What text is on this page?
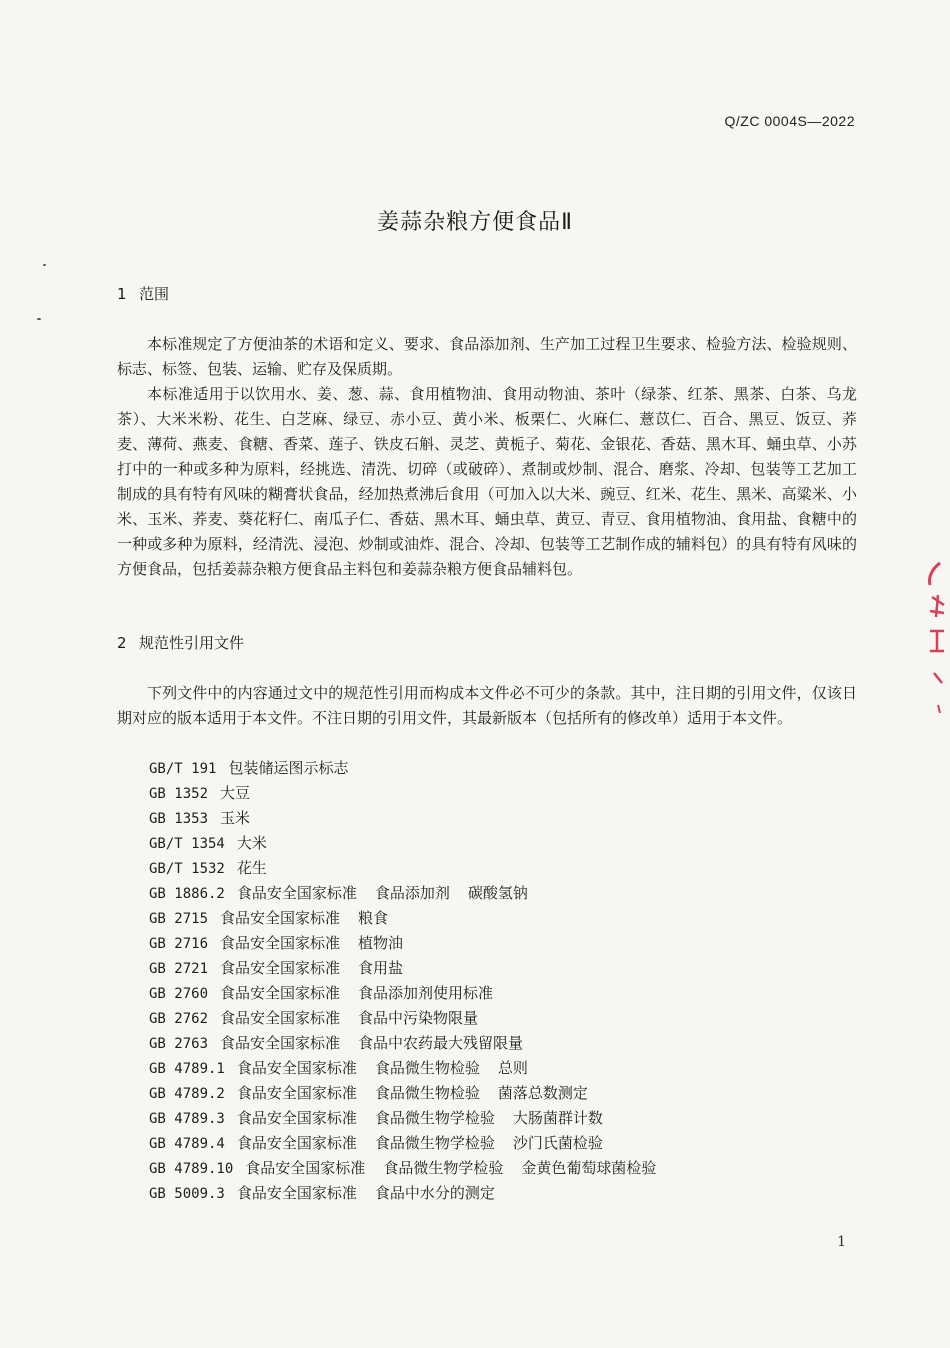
Q/ZC 0004S—2022
姜蒜杂粮方便食品Ⅱ
1 范围

本标准规定了方便油茶的术语和定义、要求、食品添加剂、生产加工过程卫生要求、检验方法、检验规则、标志、标签、包装、运输、贮存及保质期。

本标准适用于以饮用水、姜、葱、蒜、食用植物油、食用动物油、茶叶（绿茶、红茶、黑茶、白茶、乌龙茶）、大米米粉、花生、白芝麻、绿豆、赤小豆、黄小米、板栗仁、火麻仁、薏苡仁、百合、黑豆、饭豆、荞麦、薄荷、燕麦、食糖、香菜、莲子、铁皮石斛、灵芝、黄栀子、菊花、金银花、香菇、黑木耳、蛹虫草、小苏打中的一种或多种为原料，经挑选、清洗、切碎（或破碎）、煮制或炒制、混合、磨浆、冷却、包装等工艺加工制成的具有特有风味的糊膏状食品，经加热煮沸后食用（可加入以大米、豌豆、红米、花生、黑米、高粱米、小米、玉米、荞麦、葵花籽仁、南瓜子仁、香菇、黑木耳、蛹虫草、黄豆、青豆、食用植物油、食用盐、食糖中的一种或多种为原料，经清洗、浸泡、炒制或油炸、混合、冷却、包装等工艺制作成的辅料包）的具有特有风味的方便食品，包括姜蒜杂粮方便食品主料包和姜蒜杂粮方便食品辅料包。

2 规范性引用文件

下列文件中的内容通过文中的规范性引用而构成本文件必不可少的条款。其中，注日期的引用文件，仅该日期对应的版本适用于本文件。不注日期的引用文件，其最新版本（包括所有的修改单）适用于本文件。

GB/T 191 包装储运图示标志
GB 1352 大豆
GB 1353 玉米
GB/T 1354 大米
GB/T 1532 花生
GB 1886.2 食品安全国家标准 食品添加剂 碳酸氢钠
GB 2715 食品安全国家标准 粮食
GB 2716 食品安全国家标准 植物油
GB 2721 食品安全国家标准 食用盐
GB 2760 食品安全国家标准 食品添加剂使用标准
GB 2762 食品安全国家标准 食品中污染物限量
GB 2763 食品安全国家标准 食品中农药最大残留限量
GB 4789.1 食品安全国家标准 食品微生物检验 总则
GB 4789.2 食品安全国家标准 食品微生物检验 菌落总数测定
GB 4789.3 食品安全国家标准 食品微生物学检验 大肠菌群计数
GB 4789.4 食品安全国家标准 食品微生物学检验 沙门氏菌检验
GB 4789.10 食品安全国家标准 食品微生物学检验 金黄色葡萄球菌检验
GB 5009.3 食品安全国家标准 食品中水分的测定
1
